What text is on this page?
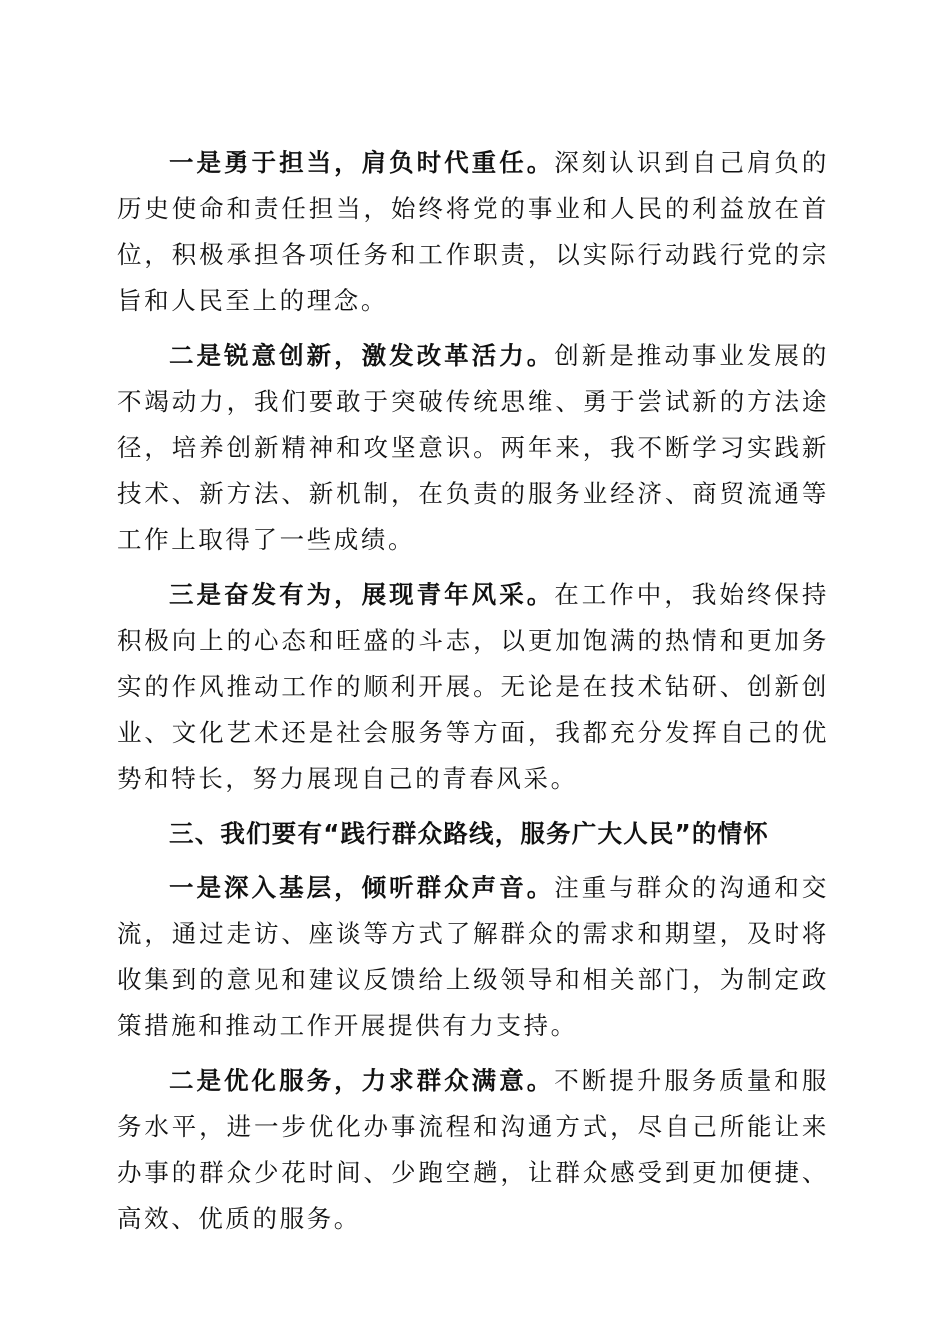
一是勇于担当，肩负时代重任。深刻认识到自己肩负的历史使命和责任担当，始终将党的事业和人民的利益放在首位，积极承担各项任务和工作职责，以实际行动践行党的宗旨和人民至上的理念。

二是锐意创新，激发改革活力。创新是推动事业发展的不竭动力，我们要敢于突破传统思维、勇于尝试新的方法途径，培养创新精神和攻坚意识。两年来，我不断学习实践新技术、新方法、新机制，在负责的服务业经济、商贸流通等工作上取得了一些成绩。

三是奋发有为，展现青年风采。在工作中，我始终保持积极向上的心态和旺盛的斗志，以更加饱满的热情和更加务实的作风推动工作的顺利开展。无论是在技术钻研、创新创业、文化艺术还是社会服务等方面，我都充分发挥自己的优势和特长，努力展现自己的青春风采。

三、我们要有“践行群众路线，服务广大人民”的情怀

一是深入基层，倾听群众声音。注重与群众的沟通和交流，通过走访、座谈等方式了解群众的需求和期望，及时将收集到的意见和建议反馈给上级领导和相关部门，为制定政策措施和推动工作开展提供有力支持。

二是优化服务，力求群众满意。不断提升服务质量和服务水平，进一步优化办事流程和沟通方式，尽自己所能让来办事的群众少花时间、少跑空趟，让群众感受到更加便捷、高效、优质的服务。
